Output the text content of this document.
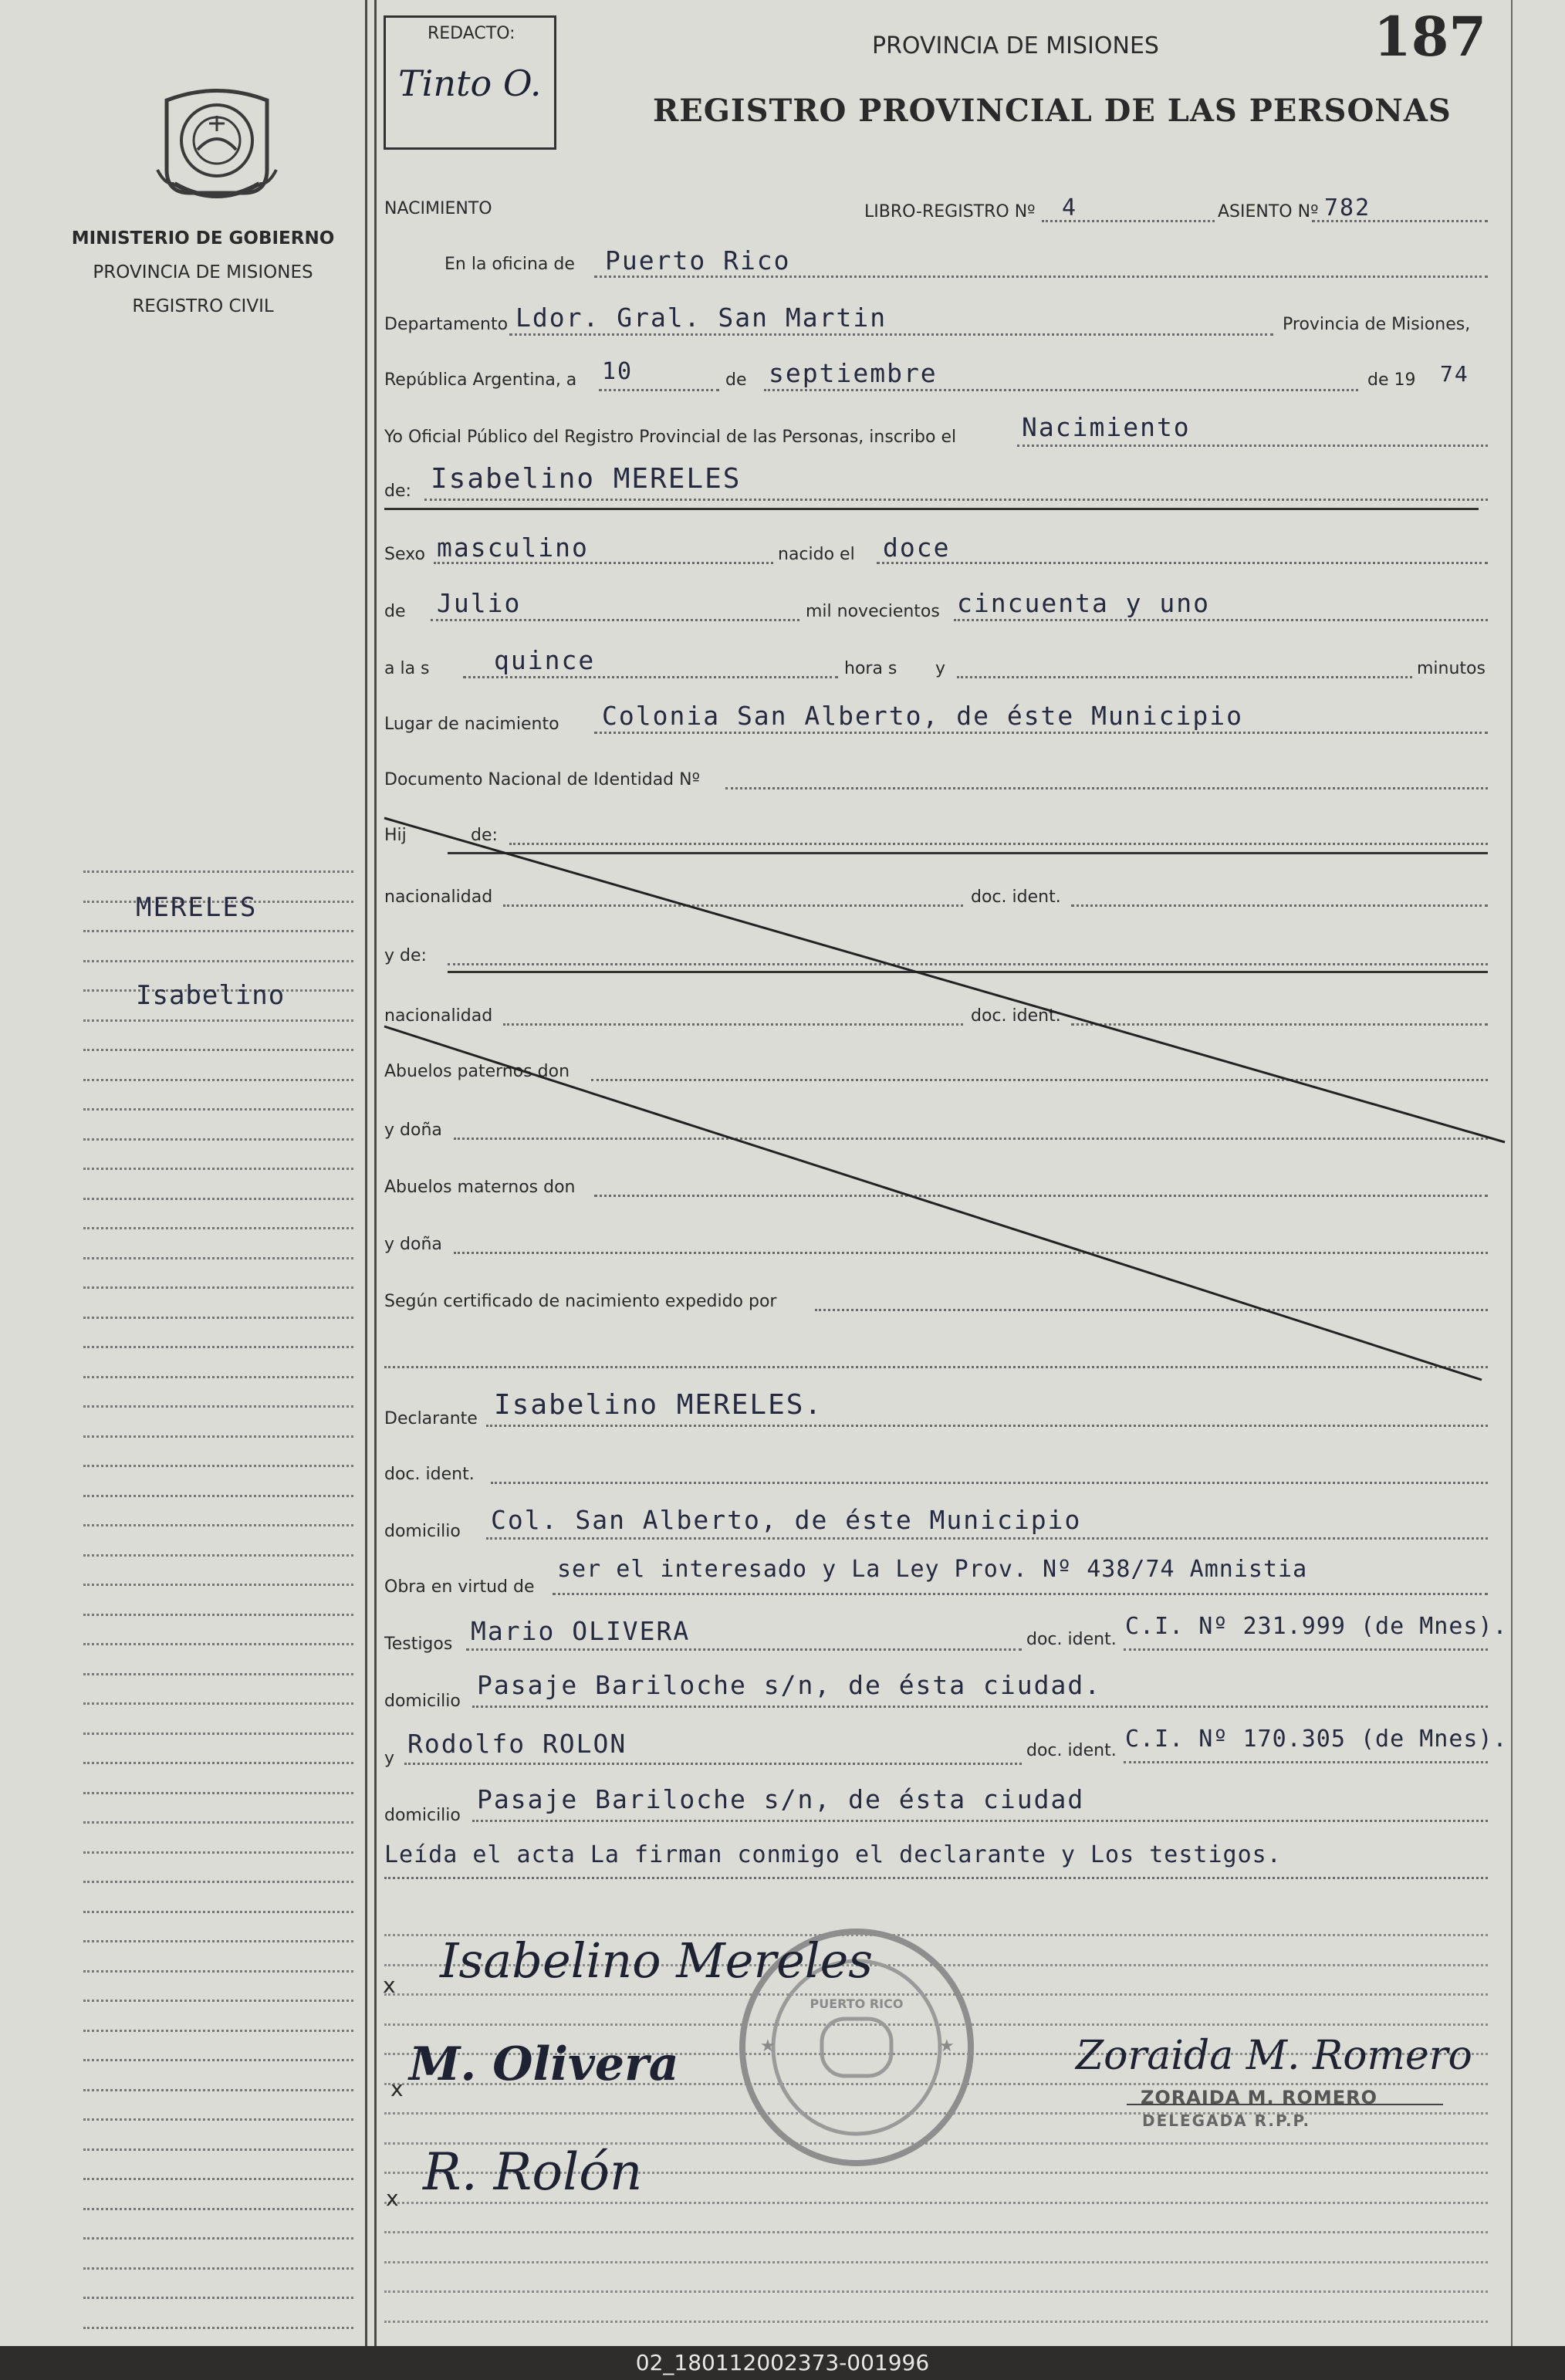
REDACTO:
Tinto O.
PROVINCIA DE MISIONES	187
REGISTRO PROVINCIAL DE LAS PERSONAS
MINISTERIO DE GOBIERNO
PROVINCIA DE MISIONES
REGISTRO CIVIL
MERELES
Isabelino
NACIMIENTO	LIBRO-REGISTRO Nº 4	ASIENTO Nº 782
En la oficina de Puerto Rico
Departamento Ldor. Gral. San Martin	Provincia de Misiones,
República Argentina, a 10	de septiembre	de 19 74
Yo Oficial Público del Registro Provincial de las Personas, inscribo el	Nacimiento
de: Isabelino MERELES
Sexo masculino	nacido el doce
de Julio	mil novecientos cincuenta y uno
a la s	quince	hora s y	minutos
Lugar de nacimiento Colonia San Alberto, de éste Municipio
Documento Nacional de Identidad Nº
Hij	de:
nacionalidad	doc. ident.
y de:
nacionalidad	doc. ident.
Abuelos paternos don
y doña
Abuelos maternos don
y doña
Según certificado de nacimiento expedido por
Declarante Isabelino MERELES.
doc. ident.
domicilio Col. San Alberto, de éste Municipio
Obra en virtud de
ser el interesado y La Ley Prov. Nº 438/74 Amnistia
Testigos Mario OLIVERA	doc. ident. C.I. Nº 231.999 (de Mnes).
domicilio
Pasaje Bariloche s/n, de ésta ciudad.
y Rodolfo ROLON	doc. ident. C.I. Nº 170.305 (de Mnes).
domicilio
Pasaje Bariloche s/n, de ésta ciudad
Leída el acta La firman conmigo el declarante y Los testigos.
PUERTO RICO
★	★
x Isabelino Mereles
x M. Olivera
x R. Rolón
Zoraida M. Romero
ZORAIDA M. ROMERO
DELEGADA R.P.P.
02_180112002373-001996
